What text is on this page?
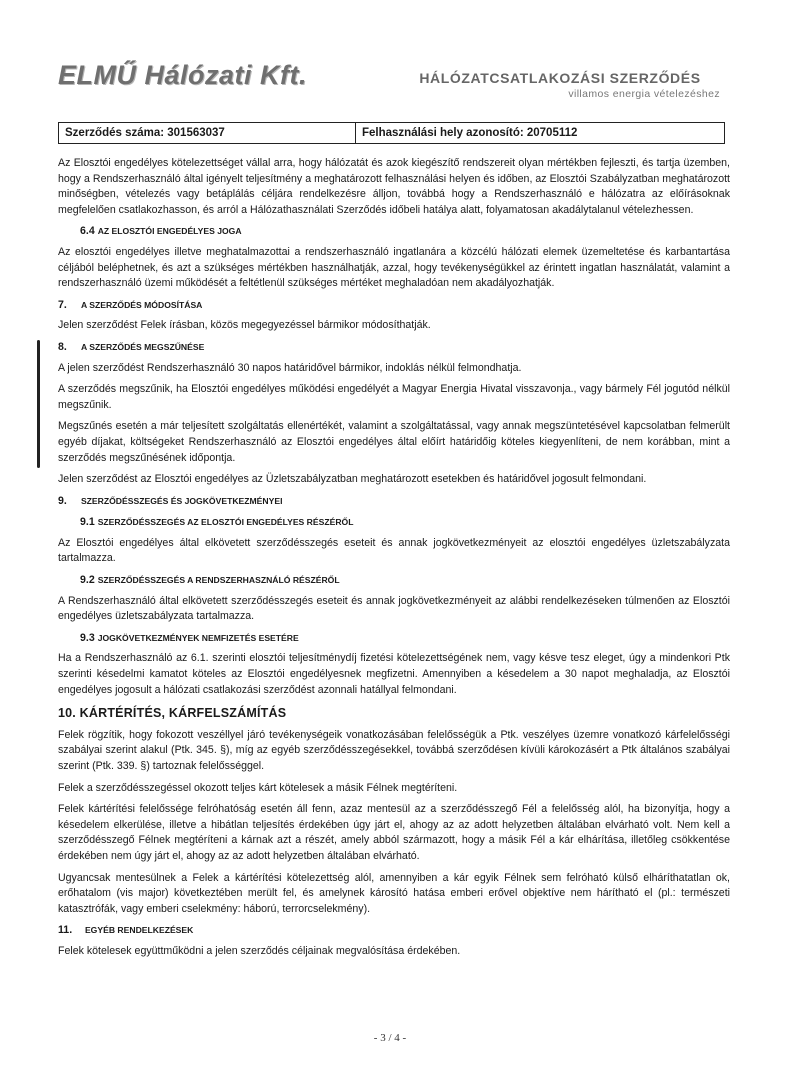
ELMŰ Hálózati Kft.	HÁLÓZATCSATLAKOZÁSI SZERZŐDÉS
villamos energia vételezéshez
Szerződés száma: 301563037	Felhasználási hely azonosító: 20705112

Az Elosztói engedélyes kötelezettséget vállal arra, hogy hálózatát és azok kiegészítő rendszereit olyan mértékben fejleszti, és tartja üzemben, hogy a Rendszerhasználó által igényelt teljesítmény a meghatározott felhasználási helyen és időben, az Elosztói Szabályzatban meghatározott minőségben, vételezés vagy betáplálás céljára rendelkezésre álljon, továbbá hogy a Rendszerhasználó e hálózatra az előírásoknak megfelelően csatlakozhasson, és arról a Hálózathasználati Szerződés időbeli hatálya alatt, folyamatosan akadálytalanul vételezhessen.

6.4 AZ ELOSZTÓI ENGEDÉLYES JOGA

Az elosztói engedélyes illetve meghatalmazottai a rendszerhasználó ingatlanára a közcélú hálózati elemek üzemeltetése és karbantartása céljából beléphetnek, és azt a szükséges mértékben használhatják, azzal, hogy tevékenységükkel az érintett ingatlan használatát, valamint a rendszerhasználó üzemi működését a feltétlenül szükséges mértéket meghaladóan nem akadályozhatják.

7. A SZERZŐDÉS MÓDOSÍTÁSA

Jelen szerződést Felek írásban, közös megegyezéssel bármikor módosíthatják.

8. A SZERZŐDÉS MEGSZŰNÉSE

A jelen szerződést Rendszerhasználó 30 napos határidővel bármikor, indoklás nélkül felmondhatja.

A szerződés megszűnik, ha Elosztói engedélyes működési engedélyét a Magyar Energia Hivatal visszavonja., vagy bármely Fél jogutód nélkül megszűnik.

Megszűnés esetén a már teljesített szolgáltatás ellenértékét, valamint a szolgáltatással, vagy annak megszüntetésével kapcsolatban felmerült egyéb díjakat, költségeket Rendszerhasználó az Elosztói engedélyes által előírt határidőig köteles kiegyenlíteni, de nem korábban, mint a szerződés megszűnésének időpontja.

Jelen szerződést az Elosztói engedélyes az Üzletszabályzatban meghatározott esetekben és határidővel jogosult felmondani.

9. SZERZŐDÉSSZEGÉS ÉS JOGKÖVETKEZMÉNYEI
9.1 SZERZŐDÉSSZEGÉS AZ ELOSZTÓI ENGEDÉLYES RÉSZÉRŐL

Az Elosztói engedélyes által elkövetett szerződésszegés eseteit és annak jogkövetkezményeit az elosztói engedélyes üzletszabályzata tartalmazza.

9.2 SZERZŐDÉSSZEGÉS A RENDSZERHASZNÁLÓ RÉSZÉRŐL

A Rendszerhasználó által elkövetett szerződésszegés eseteit és annak jogkövetkezményeit az alábbi rendelkezéseken túlmenően az Elosztói engedélyes üzletszabályzata tartalmazza.

9.3 JOGKÖVETKEZMÉNYEK NEMFIZETÉS ESETÉRE

Ha a Rendszerhasználó az 6.1. szerinti elosztói teljesítménydíj fizetési kötelezettségének nem, vagy késve tesz eleget, úgy a mindenkori Ptk szerinti késedelmi kamatot köteles az Elosztói engedélyesnek megfizetni. Amennyiben a késedelem a 30 napot meghaladja, az Elosztói engedélyes jogosult a hálózati csatlakozási szerződést azonnali hatállyal felmondani.

10. KÁRTÉRÍTÉS, KÁRFELSZÁMÍTÁS

Felek rögzítik, hogy fokozott veszéllyel járó tevékenységeik vonatkozásában felelősségük a Ptk. veszélyes üzemre vonatkozó kárfelelősségi szabályai szerint alakul (Ptk. 345. §), míg az egyéb szerződésszegésekkel, továbbá szerződésen kívüli károkozásért a Ptk általános szabályai szerint (Ptk. 339. §) tartoznak felelősséggel.

Felek a szerződésszegéssel okozott teljes kárt kötelesek a másik Félnek megtéríteni.

Felek kártérítési felelőssége felróhatóság esetén áll fenn, azaz mentesül az a szerződésszegő Fél a felelősség alól, ha bizonyítja, hogy a késedelem elkerülése, illetve a hibátlan teljesítés érdekében úgy járt el, ahogy az az adott helyzetben általában elvárható volt. Nem kell a szerződésszegő Félnek megtéríteni a kárnak azt a részét, amely abból származott, hogy a másik Fél a kár elhárítása, illetőleg csökkentése érdekében nem úgy járt el, ahogy az az adott helyzetben általában elvárható.

Ugyancsak mentesülnek a Felek a kártérítési kötelezettség alól, amennyiben a kár egyik Félnek sem felróható külső elháríthatatlan ok, erőhatalom (vis major) következtében merült fel, és amelynek károsító hatása emberi erővel objektíve nem hárítható el (pl.: természeti katasztrófák, vagy emberi cselekmény: háború, terrorcselekmény).

11. EGYÉB RENDELKEZÉSEK

Felek kötelesek együttműködni a jelen szerződés céljainak megvalósítása érdekében.

- 3 / 4 -
